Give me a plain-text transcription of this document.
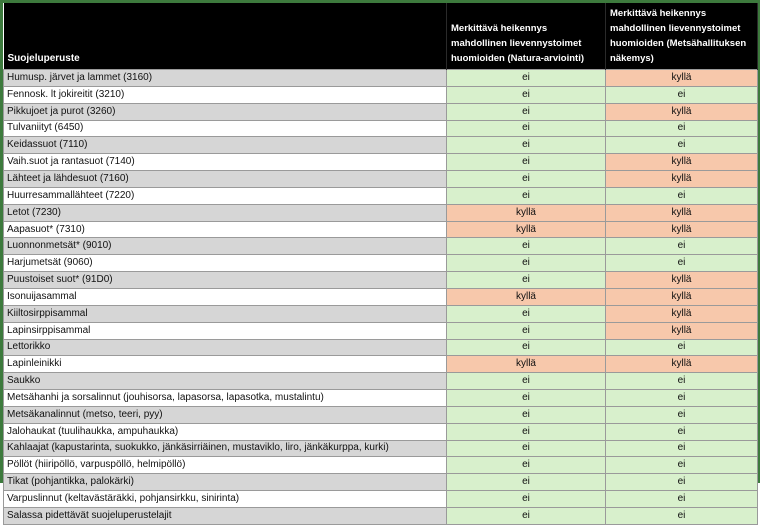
Suojeluperuste	Merkittävä heikennys mahdollinen lievennystoimet huomioiden (Natura-arviointi)	Merkittävä heikennys mahdollinen lievennystoimet huomioiden (Metsähallituksen näkemys)
Humusp. järvet ja lammet (3160)	ei	kyllä
Fennosk. lt jokireitit (3210)	ei	ei
Pikkujoet ja purot (3260)	ei	kyllä
Tulvaniityt (6450)	ei	ei
Keidassuot (7110)	ei	ei
Vaih.suot ja rantasuot (7140)	ei	kyllä
Lähteet ja lähdesuot (7160)	ei	kyllä
Huurresammallähteet (7220)	ei	ei
Letot (7230)	kyllä	kyllä
Aapasuot* (7310)	kyllä	kyllä
Luonnonmetsät* (9010)	ei	ei
Harjumetsät (9060)	ei	ei
Puustoiset suot* (91D0)	ei	kyllä
Isonuijasammal	kyllä	kyllä
Kiiltosirppisammal	ei	kyllä
Lapinsirppisammal	ei	kyllä
Lettorikko	ei	ei
Lapinleinikki	kyllä	kyllä
Saukko	ei	ei
Metsähanhi ja sorsalinnut (jouhisorsa, lapasorsa, lapasotka, mustalintu)	ei	ei
Metsäkanalinnut (metso, teeri, pyy)	ei	ei
Jalohaukat (tuulihaukka, ampuhaukka)	ei	ei
Kahlaajat (kapustarinta, suokukko, jänkäsirriäinen, mustaviklo, liro, jänkäkurppa, kurki)	ei	ei
Pöllöt (hiiripöllö, varpuspöllö, helmipöllö)	ei	ei
Tikat (pohjantikka, palokärki)	ei	ei
Varpuslinnut (keltavästäräkki, pohjansirkku, sinirinta)	ei	ei
Salassa pidettävät suojeluperustelajit	ei	ei
